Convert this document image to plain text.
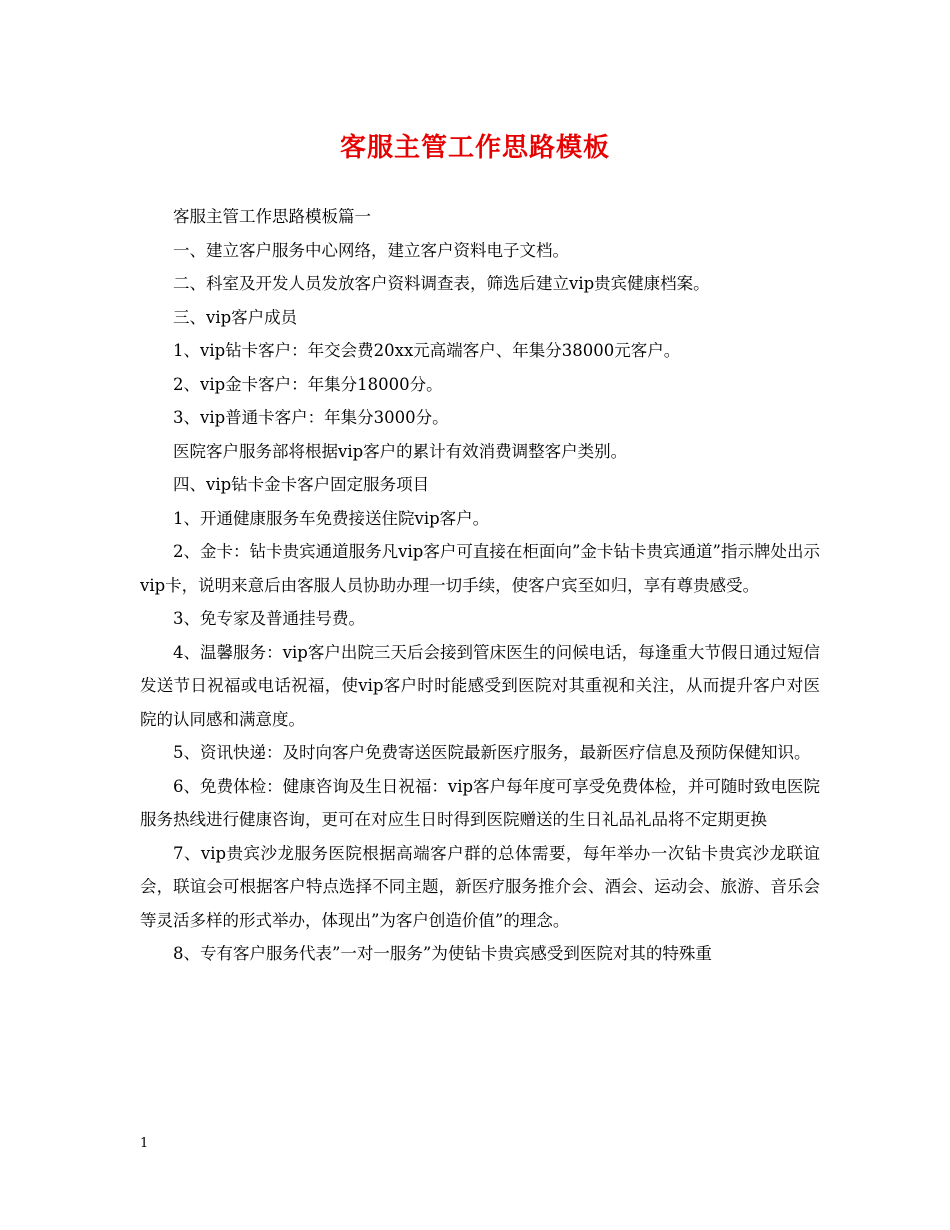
客服主管工作思路模板

客服主管工作思路模板篇一

一、建立客户服务中心网络，建立客户资料电子文档。

二、科室及开发人员发放客户资料调查表，筛选后建立vip贵宾健康档案。

三、vip客户成员

1、vip钻卡客户：年交会费20xx元高端客户、年集分38000元客户。

2、vip金卡客户：年集分18000分。

3、vip普通卡客户：年集分3000分。

医院客户服务部将根据vip客户的累计有效消费调整客户类别。

四、vip钻卡金卡客户固定服务项目

1、开通健康服务车免费接送住院vip客户。

2、金卡：钻卡贵宾通道服务凡vip客户可直接在柜面向”金卡钻卡贵宾通道”指示牌处出示vip卡，说明来意后由客服人员协助办理一切手续，使客户宾至如归，享有尊贵感受。

3、免专家及普通挂号费。

4、温馨服务：vip客户出院三天后会接到管床医生的问候电话，每逢重大节假日通过短信发送节日祝福或电话祝福，使vip客户时时能感受到医院对其重视和关注，从而提升客户对医院的认同感和满意度。

5、资讯快递：及时向客户免费寄送医院最新医疗服务，最新医疗信息及预防保健知识。

6、免费体检：健康咨询及生日祝福：vip客户每年度可享受免费体检，并可随时致电医院服务热线进行健康咨询，更可在对应生日时得到医院赠送的生日礼品礼品将不定期更换

7、vip贵宾沙龙服务医院根据高端客户群的总体需要，每年举办一次钻卡贵宾沙龙联谊会，联谊会可根据客户特点选择不同主题，新医疗服务推介会、酒会、运动会、旅游、音乐会等灵活多样的形式举办，体现出”为客户创造价值”的理念。

8、专有客户服务代表”一对一服务”为使钻卡贵宾感受到医院对其的特殊重

1
